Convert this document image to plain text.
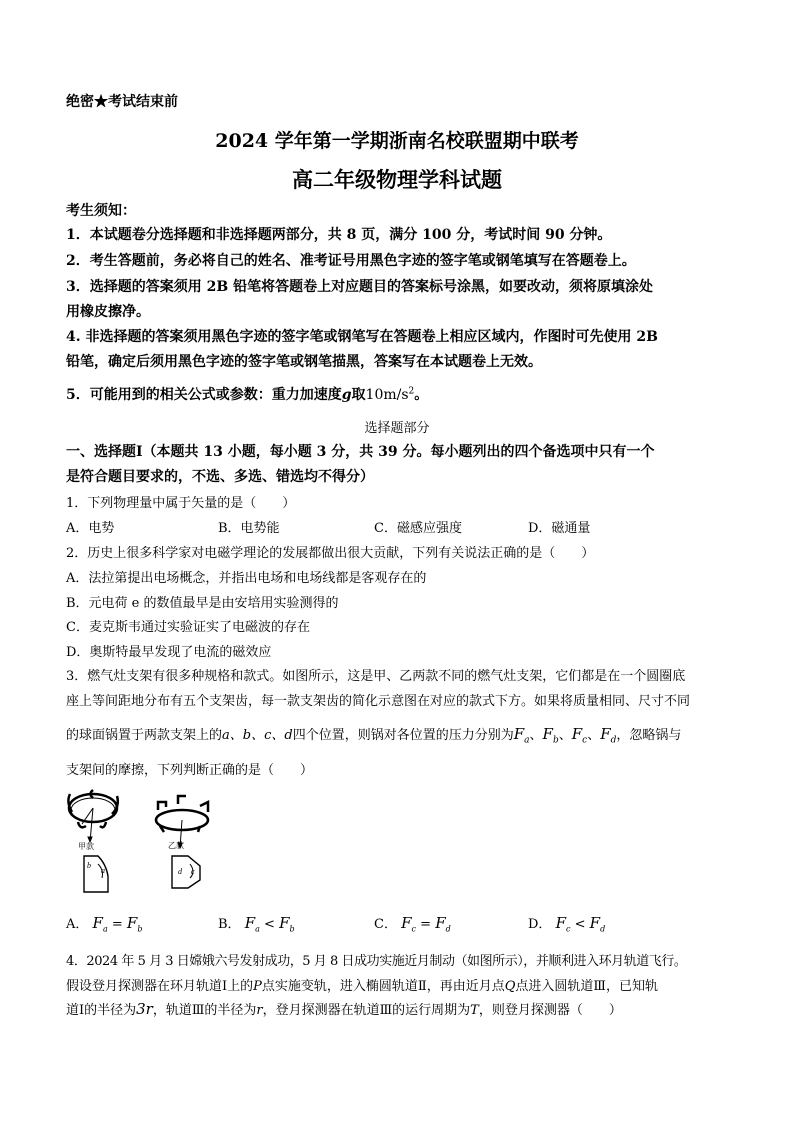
绝密★考试结束前
2024 学年第一学期浙南名校联盟期中联考
高二年级物理学科试题
考生须知：
1．本试题卷分选择题和非选择题两部分，共 8 页，满分 100 分，考试时间 90 分钟。
2．考生答题前，务必将自己的姓名、准考证号用黑色字迹的签字笔或钢笔填写在答题卷上。
3．选择题的答案须用 2B 铅笔将答题卷上对应题目的答案标号涂黑，如要改动，须将原填涂处
用橡皮擦净。
4. 非选择题的答案须用黑色字迹的签字笔或钢笔写在答题卷上相应区域内，作图时可先使用 2B
铅笔，确定后须用黑色字迹的签字笔或钢笔描黑，答案写在本试题卷上无效。
5．可能用到的相关公式或参数：重力加速度g取$10m/s^2$。
选择题部分
一、选择题Ⅰ（本题共 13 小题，每小题 3 分，共 39 分。每小题列出的四个备选项中只有一个
是符合题目要求的，不选、多选、错选均不得分）
1．下列物理量中属于矢量的是（　　）
A．电势	B．电势能	C．磁感应强度	D．磁通量
2．历史上很多科学家对电磁学理论的发展都做出很大贡献，下列有关说法正确的是（　　）
A．法拉第提出电场概念，并指出电场和电场线都是客观存在的
B．元电荷 e 的数值最早是由安培用实验测得的
C．麦克斯韦通过实验证实了电磁波的存在
D．奥斯特最早发现了电流的磁效应
3．燃气灶支架有很多种规格和款式。如图所示，这是甲、乙两款不同的燃气灶支架，它们都是在一个圆圈底
座上等间距地分布有五个支架齿，每一款支架齿的简化示意图在对应的款式下方。如果将质量相同、尺寸不同
的球面锅置于两款支架上的a、b、c、d四个位置，则锅对各位置的压力分别为$F_a$、$F_b$、$F_c$、$F_d$，忽略锅与
支架间的摩擦，下列判断正确的是（　　）
甲款
b
a
乙款
d c
A． $F_a = F_b$	B． $F_a < F_b$	C． $F_c = F_d$	D． $F_c < F_d$
4．2024 年 5 月 3 日嫦娥六号发射成功，5 月 8 日成功实施近月制动（如图所示），并顺利进入环月轨道飞行。
假设登月探测器在环月轨道Ⅰ上的P点实施变轨，进入椭圆轨道Ⅱ，再由近月点Q点进入圆轨道Ⅲ，已知轨
道Ⅰ的半径为3r，轨道Ⅲ的半径为r，登月探测器在轨道Ⅲ的运行周期为T，则登月探测器（　　）
